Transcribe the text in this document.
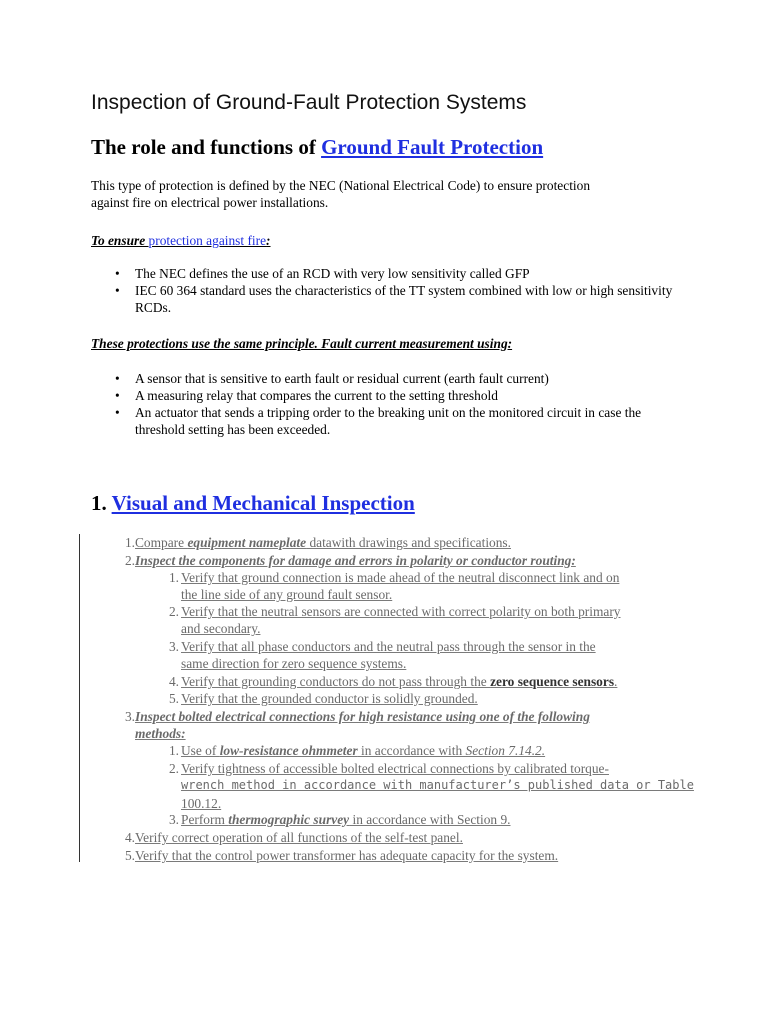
Inspection of Ground-Fault Protection Systems
The role and functions of Ground Fault Protection

This type of protection is defined by the NEC (National Electrical Code) to ensure protection
against fire on electrical power installations.

To ensure protection against fire:

• The NEC defines the use of an RCD with very low sensitivity called GFP
• IEC 60 364 standard uses the characteristics of the TT system combined with low or high sensitivity RCDs.

These protections use the same principle. Fault current measurement using:

• A sensor that is sensitive to earth fault or residual current (earth fault current)
• A measuring relay that compares the current to the setting threshold
• An actuator that sends a tripping order to the breaking unit on the monitored circuit in case the threshold setting has been exceeded.
1. Visual and Mechanical Inspection
1. Compare equipment nameplate datawith drawings and specifications.
2. Inspect the components for damage and errors in polarity or conductor routing:
1. Verify that ground connection is made ahead of the neutral disconnect link and on
the line side of any ground fault sensor.
2. Verify that the neutral sensors are connected with correct polarity on both primary
and secondary.
3. Verify that all phase conductors and the neutral pass through the sensor in the
same direction for zero sequence systems.
4. Verify that grounding conductors do not pass through the zero sequence sensors.
5. Verify that the grounded conductor is solidly grounded.
3. Inspect bolted electrical connections for high resistance using one of the following
methods:
1. Use of low-resistance ohmmeter in accordance with Section 7.14.2.
2. Verify tightness of accessible bolted electrical connections by calibrated torque-
wrench method in accordance with manufacturer’s published data or Table
100.12.
3. Perform thermographic survey in accordance with Section 9.
4. Verify correct operation of all functions of the self-test panel.
5. Verify that the control power transformer has adequate capacity for the system.
